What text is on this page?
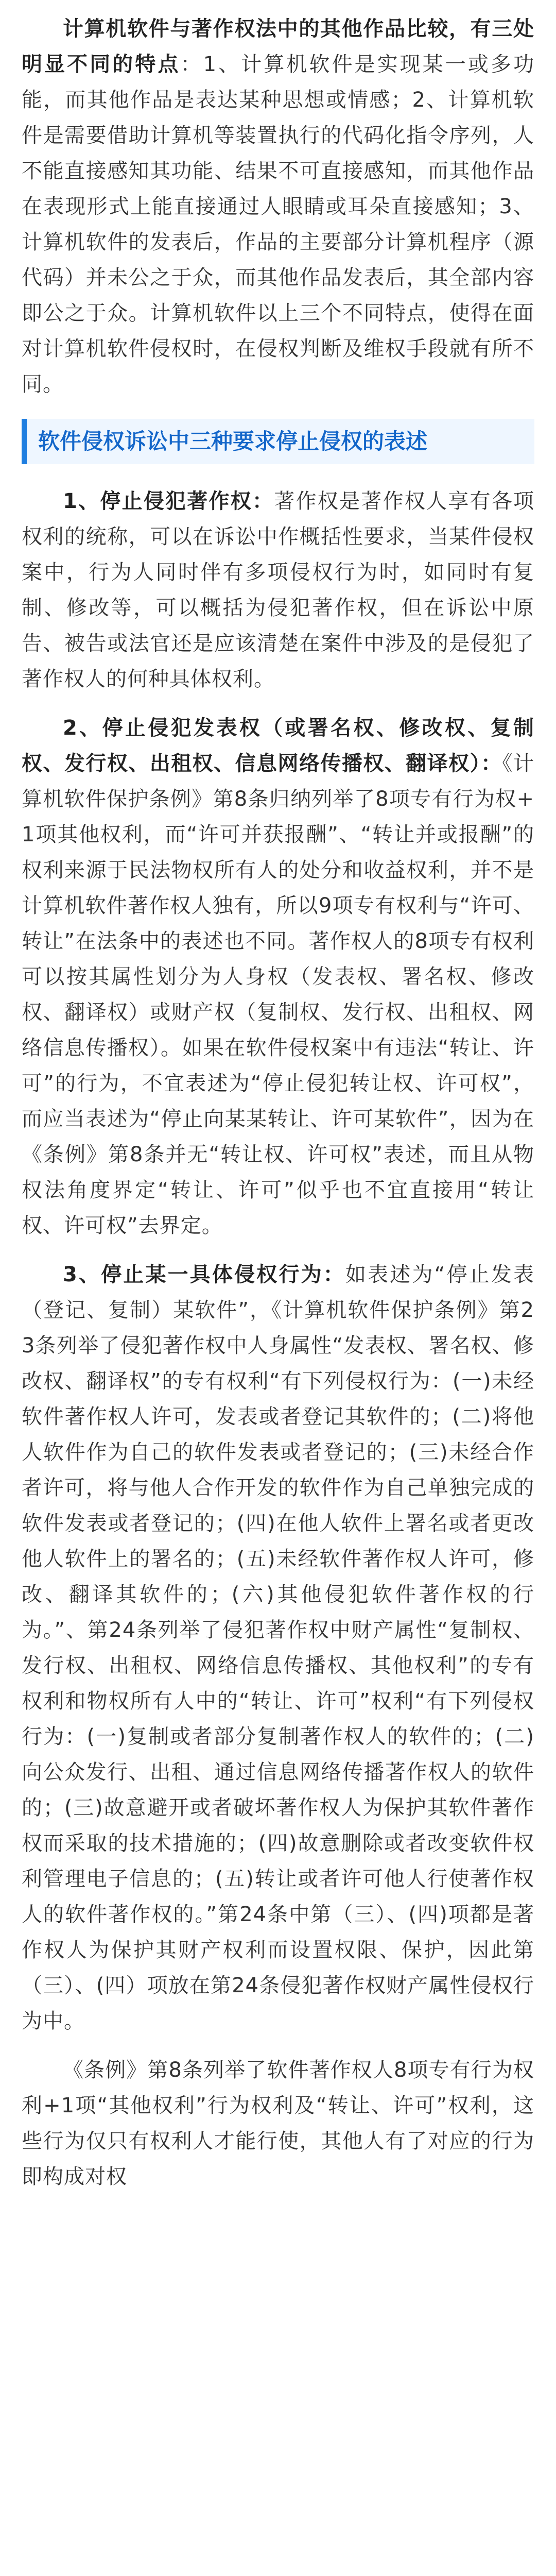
计算机软件与著作权法中的其他作品比较，有三处明显不同的特点：1、计算机软件是实现某一或多功能，而其他作品是表达某种思想或情感；2、计算机软件是需要借助计算机等装置执行的代码化指令序列，人不能直接感知其功能、结果不可直接感知，而其他作品在表现形式上能直接通过人眼睛或耳朵直接感知；3、计算机软件的发表后，作品的主要部分计算机程序（源代码）并未公之于众，而其他作品发表后，其全部内容即公之于众。计算机软件以上三个不同特点，使得在面对计算机软件侵权时，在侵权判断及维权手段就有所不同。

软件侵权诉讼中三种要求停止侵权的表述

1、停止侵犯著作权：著作权是著作权人享有各项权利的统称，可以在诉讼中作概括性要求，当某件侵权案中，行为人同时伴有多项侵权行为时，如同时有复制、修改等，可以概括为侵犯著作权，但在诉讼中原告、被告或法官还是应该清楚在案件中涉及的是侵犯了著作权人的何种具体权利。

2、停止侵犯发表权（或署名权、修改权、复制权、发行权、出租权、信息网络传播权、翻译权）：《计算机软件保护条例》第8条归纳列举了8项专有行为权+1项其他权利，而“许可并获报酬”、“转让并或报酬”的权利来源于民法物权所有人的处分和收益权利，并不是计算机软件著作权人独有，所以9项专有权利与“许可、转让”在法条中的表述也不同。著作权人的8项专有权利可以按其属性划分为人身权（发表权、署名权、修改权、翻译权）或财产权（复制权、发行权、出租权、网络信息传播权）。如果在软件侵权案中有违法“转让、许可”的行为，不宜表述为“停止侵犯转让权、许可权”，而应当表述为“停止向某某转让、许可某软件”，因为在《条例》第8条并无“转让权、许可权”表述，而且从物权法角度界定“转让、许可”似乎也不宜直接用“转让权、许可权”去界定。

3、停止某一具体侵权行为：如表述为“停止发表（登记、复制）某软件”，《计算机软件保护条例》第23条列举了侵犯著作权中人身属性“发表权、署名权、修改权、翻译权”的专有权利“有下列侵权行为：(一)未经软件著作权人许可，发表或者登记其软件的；(二)将他人软件作为自己的软件发表或者登记的；(三)未经合作者许可，将与他人合作开发的软件作为自己单独完成的软件发表或者登记的；(四)在他人软件上署名或者更改他人软件上的署名的；(五)未经软件著作权人许可，修改、翻译其软件的；(六)其他侵犯软件著作权的行为。”、第24条列举了侵犯著作权中财产属性“复制权、发行权、出租权、网络信息传播权、其他权利”的专有权利和物权所有人中的“转让、许可”权利“有下列侵权行为：(一)复制或者部分复制著作权人的软件的；(二)向公众发行、出租、通过信息网络传播著作权人的软件的；(三)故意避开或者破坏著作权人为保护其软件著作权而采取的技术措施的；(四)故意删除或者改变软件权利管理电子信息的；(五)转让或者许可他人行使著作权人的软件著作权的。”第24条中第（三）、(四)项都是著作权人为保护其财产权利而设置权限、保护，因此第（三）、(四）项放在第24条侵犯著作权财产属性侵权行为中。

《条例》第8条列举了软件著作权人8项专有行为权利+1项“其他权利”行为权利及“转让、许可”权利，这些行为仅只有权利人才能行使，其他人有了对应的行为即构成对权
